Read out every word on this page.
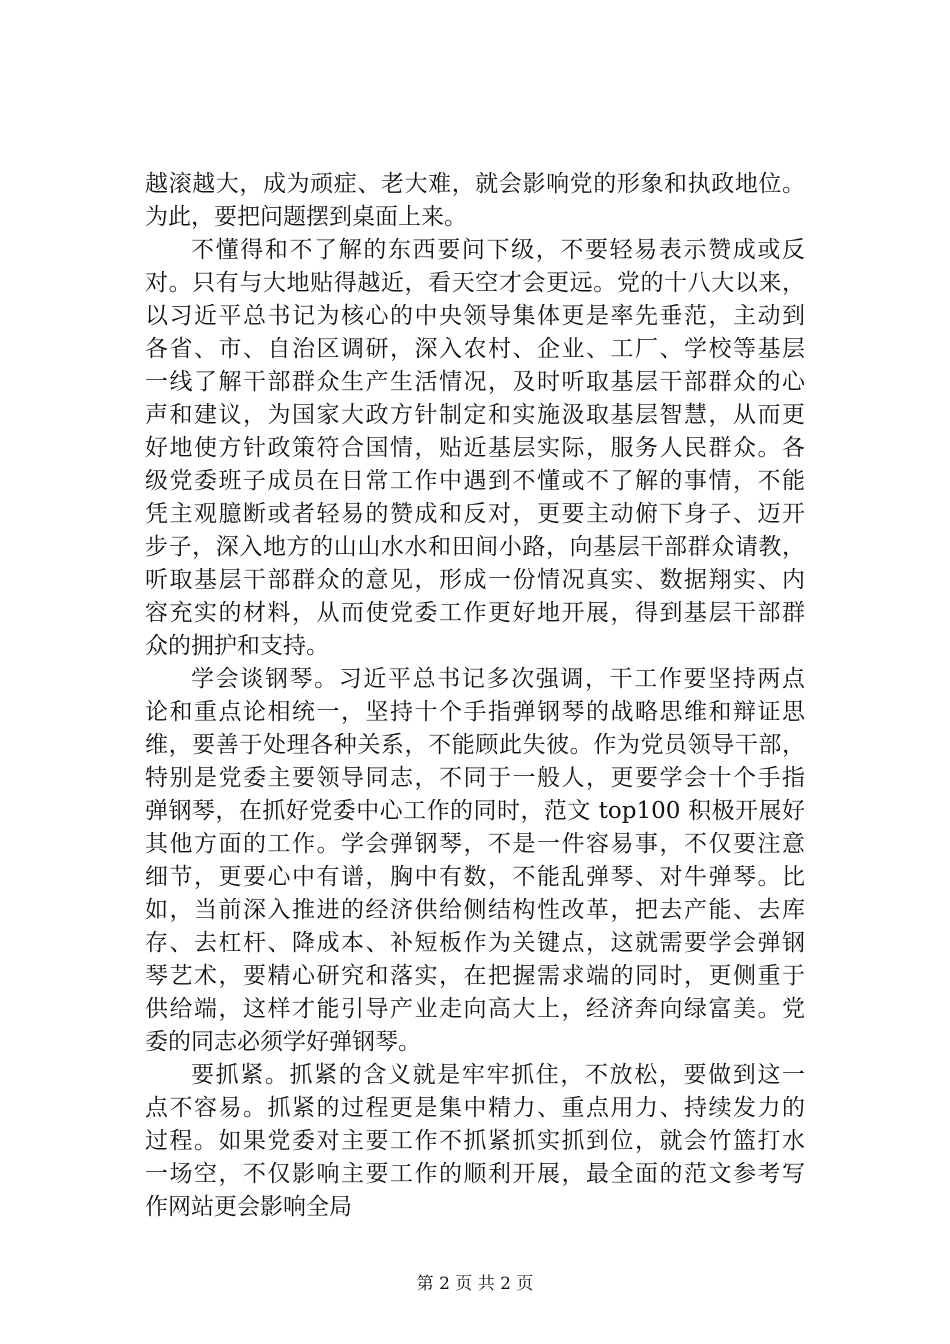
越滚越大，成为顽症、老大难，就会影响党的形象和执政地位。
为此，要把问题摆到桌面上来。
不懂得和不了解的东西要问下级，不要轻易表示赞成或反
对。只有与大地贴得越近，看天空才会更远。党的十八大以来，
以习近平总书记为核心的中央领导集体更是率先垂范，主动到
各省、市、自治区调研，深入农村、企业、工厂、学校等基层
一线了解干部群众生产生活情况，及时听取基层干部群众的心
声和建议，为国家大政方针制定和实施汲取基层智慧，从而更
好地使方针政策符合国情，贴近基层实际，服务人民群众。各
级党委班子成员在日常工作中遇到不懂或不了解的事情，不能
凭主观臆断或者轻易的赞成和反对，更要主动俯下身子、迈开
步子，深入地方的山山水水和田间小路，向基层干部群众请教，
听取基层干部群众的意见，形成一份情况真实、数据翔实、内
容充实的材料，从而使党委工作更好地开展，得到基层干部群
众的拥护和支持。
学会谈钢琴。习近平总书记多次强调，干工作要坚持两点
论和重点论相统一，坚持十个手指弹钢琴的战略思维和辩证思
维，要善于处理各种关系，不能顾此失彼。作为党员领导干部，
特别是党委主要领导同志，不同于一般人，更要学会十个手指
弹钢琴，在抓好党委中心工作的同时，范文 top100 积极开展好
其他方面的工作。学会弹钢琴，不是一件容易事，不仅要注意
细节，更要心中有谱，胸中有数，不能乱弹琴、对牛弹琴。比
如，当前深入推进的经济供给侧结构性改革，把去产能、去库
存、去杠杆、降成本、补短板作为关键点，这就需要学会弹钢
琴艺术，要精心研究和落实，在把握需求端的同时，更侧重于
供给端，这样才能引导产业走向高大上，经济奔向绿富美。党
委的同志必须学好弹钢琴。
要抓紧。抓紧的含义就是牢牢抓住，不放松，要做到这一
点不容易。抓紧的过程更是集中精力、重点用力、持续发力的
过程。如果党委对主要工作不抓紧抓实抓到位，就会竹篮打水
一场空，不仅影响主要工作的顺利开展，最全面的范文参考写
作网站更会影响全局
第 2 页 共 2 页
